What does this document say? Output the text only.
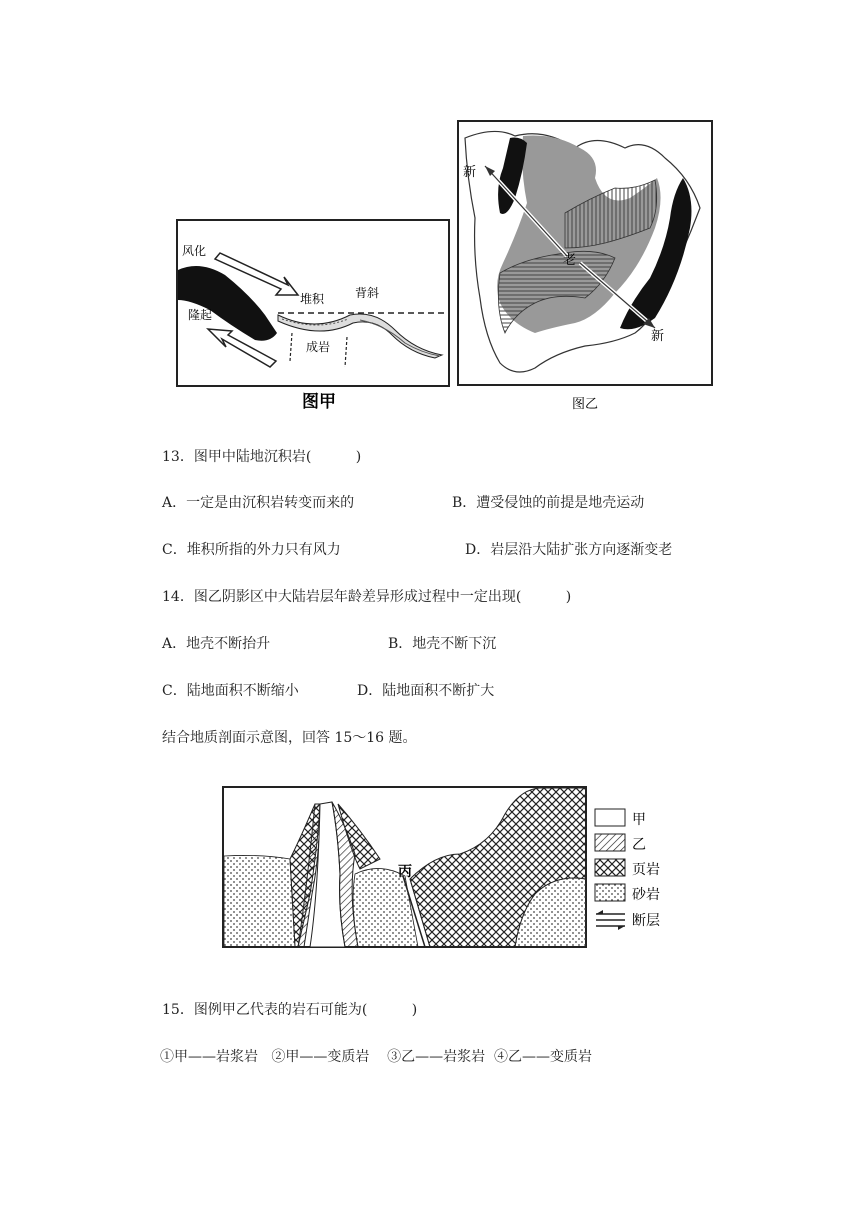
风化
堆积	背斜
隆起
成岩
图甲
新
老
新
图乙
13．图甲中陆地沉积岩(          )
A．一定是由沉积岩转变而来的	B．遭受侵蚀的前提是地壳运动
C．堆积所指的外力只有风力	D．岩层沿大陆扩张方向逐渐变老
14．图乙阴影区中大陆岩层年龄差异形成过程中一定出现(          )
A．地壳不断抬升	B．地壳不断下沉
C．陆地面积不断缩小	D．陆地面积不断扩大
结合地质剖面示意图，回答 15～16 题。
丙
甲
乙
页岩
砂岩
断层
15．图例甲乙代表的岩石可能为(          )
①甲——岩浆岩   ②甲——变质岩    ③乙——岩浆岩  ④乙——变质岩
